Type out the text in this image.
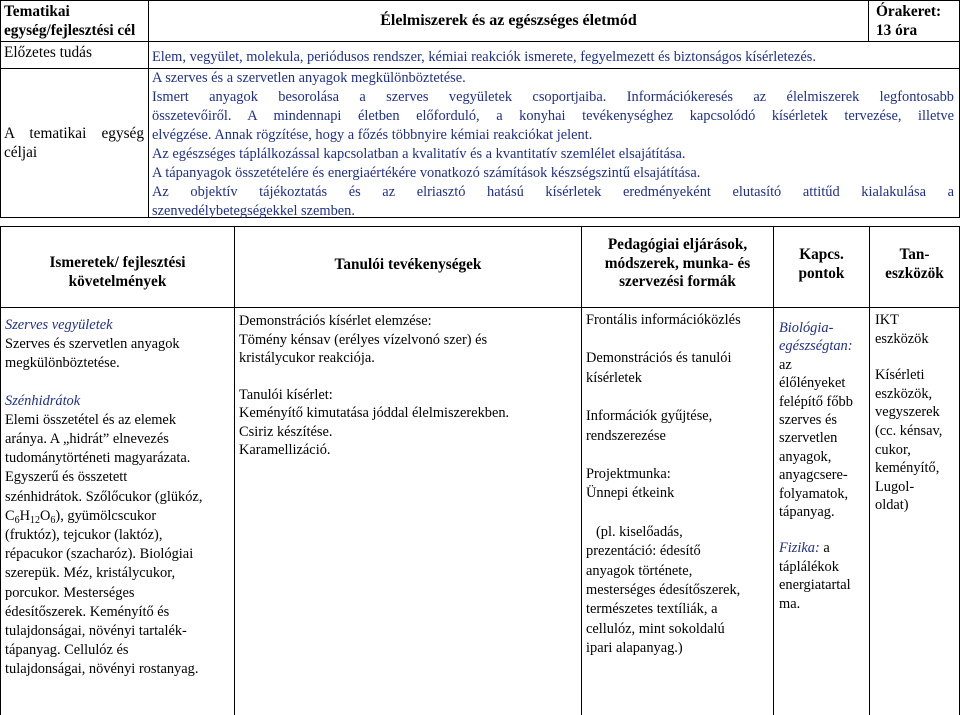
Tematikai
egység/fejlesztési cél
Élelmiszerek és az egészséges életmód
Órakeret:
13 óra
Előzetes tudás	Elem, vegyület, molekula, periódusos rendszer, kémiai reakciók ismerete, fegyelmezett és biztonságos kísérletezés.
A tematikai egység
céljai
A szerves és a szervetlen anyagok megkülönböztetése.
Ismert anyagok besorolása a szerves vegyületek csoportjaiba. Információkeresés az élelmiszerek legfontosabb
összetevőiről. A mindennapi életben előforduló, a konyhai tevékenységhez kapcsolódó kísérletek tervezése, illetve
elvégzése. Annak rögzítése, hogy a főzés többnyire kémiai reakciókat jelent.
Az egészséges táplálkozással kapcsolatban a kvalitatív és a kvantitatív szemlélet elsajátítása.
A tápanyagok összetételére és energiaértékére vonatkozó számítások készségszintű elsajátítása.
Az objektív tájékoztatás és az elriasztó hatású kísérletek eredményeként elutasító attitűd kialakulása a
szenvedélybetegségekkel szemben.
Ismeretek/ fejlesztési
követelmények
Tanulói tevékenységek
Pedagógiai eljárások,
módszerek, munka- és
szervezési formák
Kapcs.
pontok
Tan-
eszközök
Szerves vegyületek
Szerves és szervetlen anyagok
megkülönböztetése.
Szénhidrátok
Elemi összetétel és az elemek
aránya. A „hidrát” elnevezés
tudománytörténeti magyarázata.
Egyszerű és összetett
szénhidrátok. Szőlőcukor (glükóz,
$C_6H_{12}O_6$), gyümölcscukor
(fruktóz), tejcukor (laktóz),
répacukor (szacharóz). Biológiai
szerepük. Méz, kristálycukor,
porcukor. Mesterséges
édesítőszerek. Keményítő és
tulajdonságai, növényi tartalék-
tápanyag. Cellulóz és
tulajdonságai, növényi rostanyag.
Demonstrációs kísérlet elemzése:
Tömény kénsav (erélyes vízelvonó szer) és
kristálycukor reakciója.
Tanulói kísérlet:
Keményítő kimutatása jóddal élelmiszerekben.
Csiriz készítése.
Karamellizáció.
Frontális információközlés
Demonstrációs és tanulói
kísérletek
Információk gyűjtése,
rendszerezése
Projektmunka:
Ünnepi étkeink
(pl. kiselőadás,
prezentáció: édesítő
anyagok története,
mesterséges édesítőszerek,
természetes textíliák, a
cellulóz, mint sokoldalú
ipari alapanyag.)
Biológia-
egészségtan:
az
élőlényeket
felépítő főbb
szerves és
szervetlen
anyagok,
anyagcsere-
folyamatok,
tápanyag.
Fizika: a
táplálékok
energiatartal
ma.
IKT
eszközök
Kísérleti
eszközök,
vegyszerek
(cc. kénsav,
cukor,
keményítő,
Lugol-
oldat)
